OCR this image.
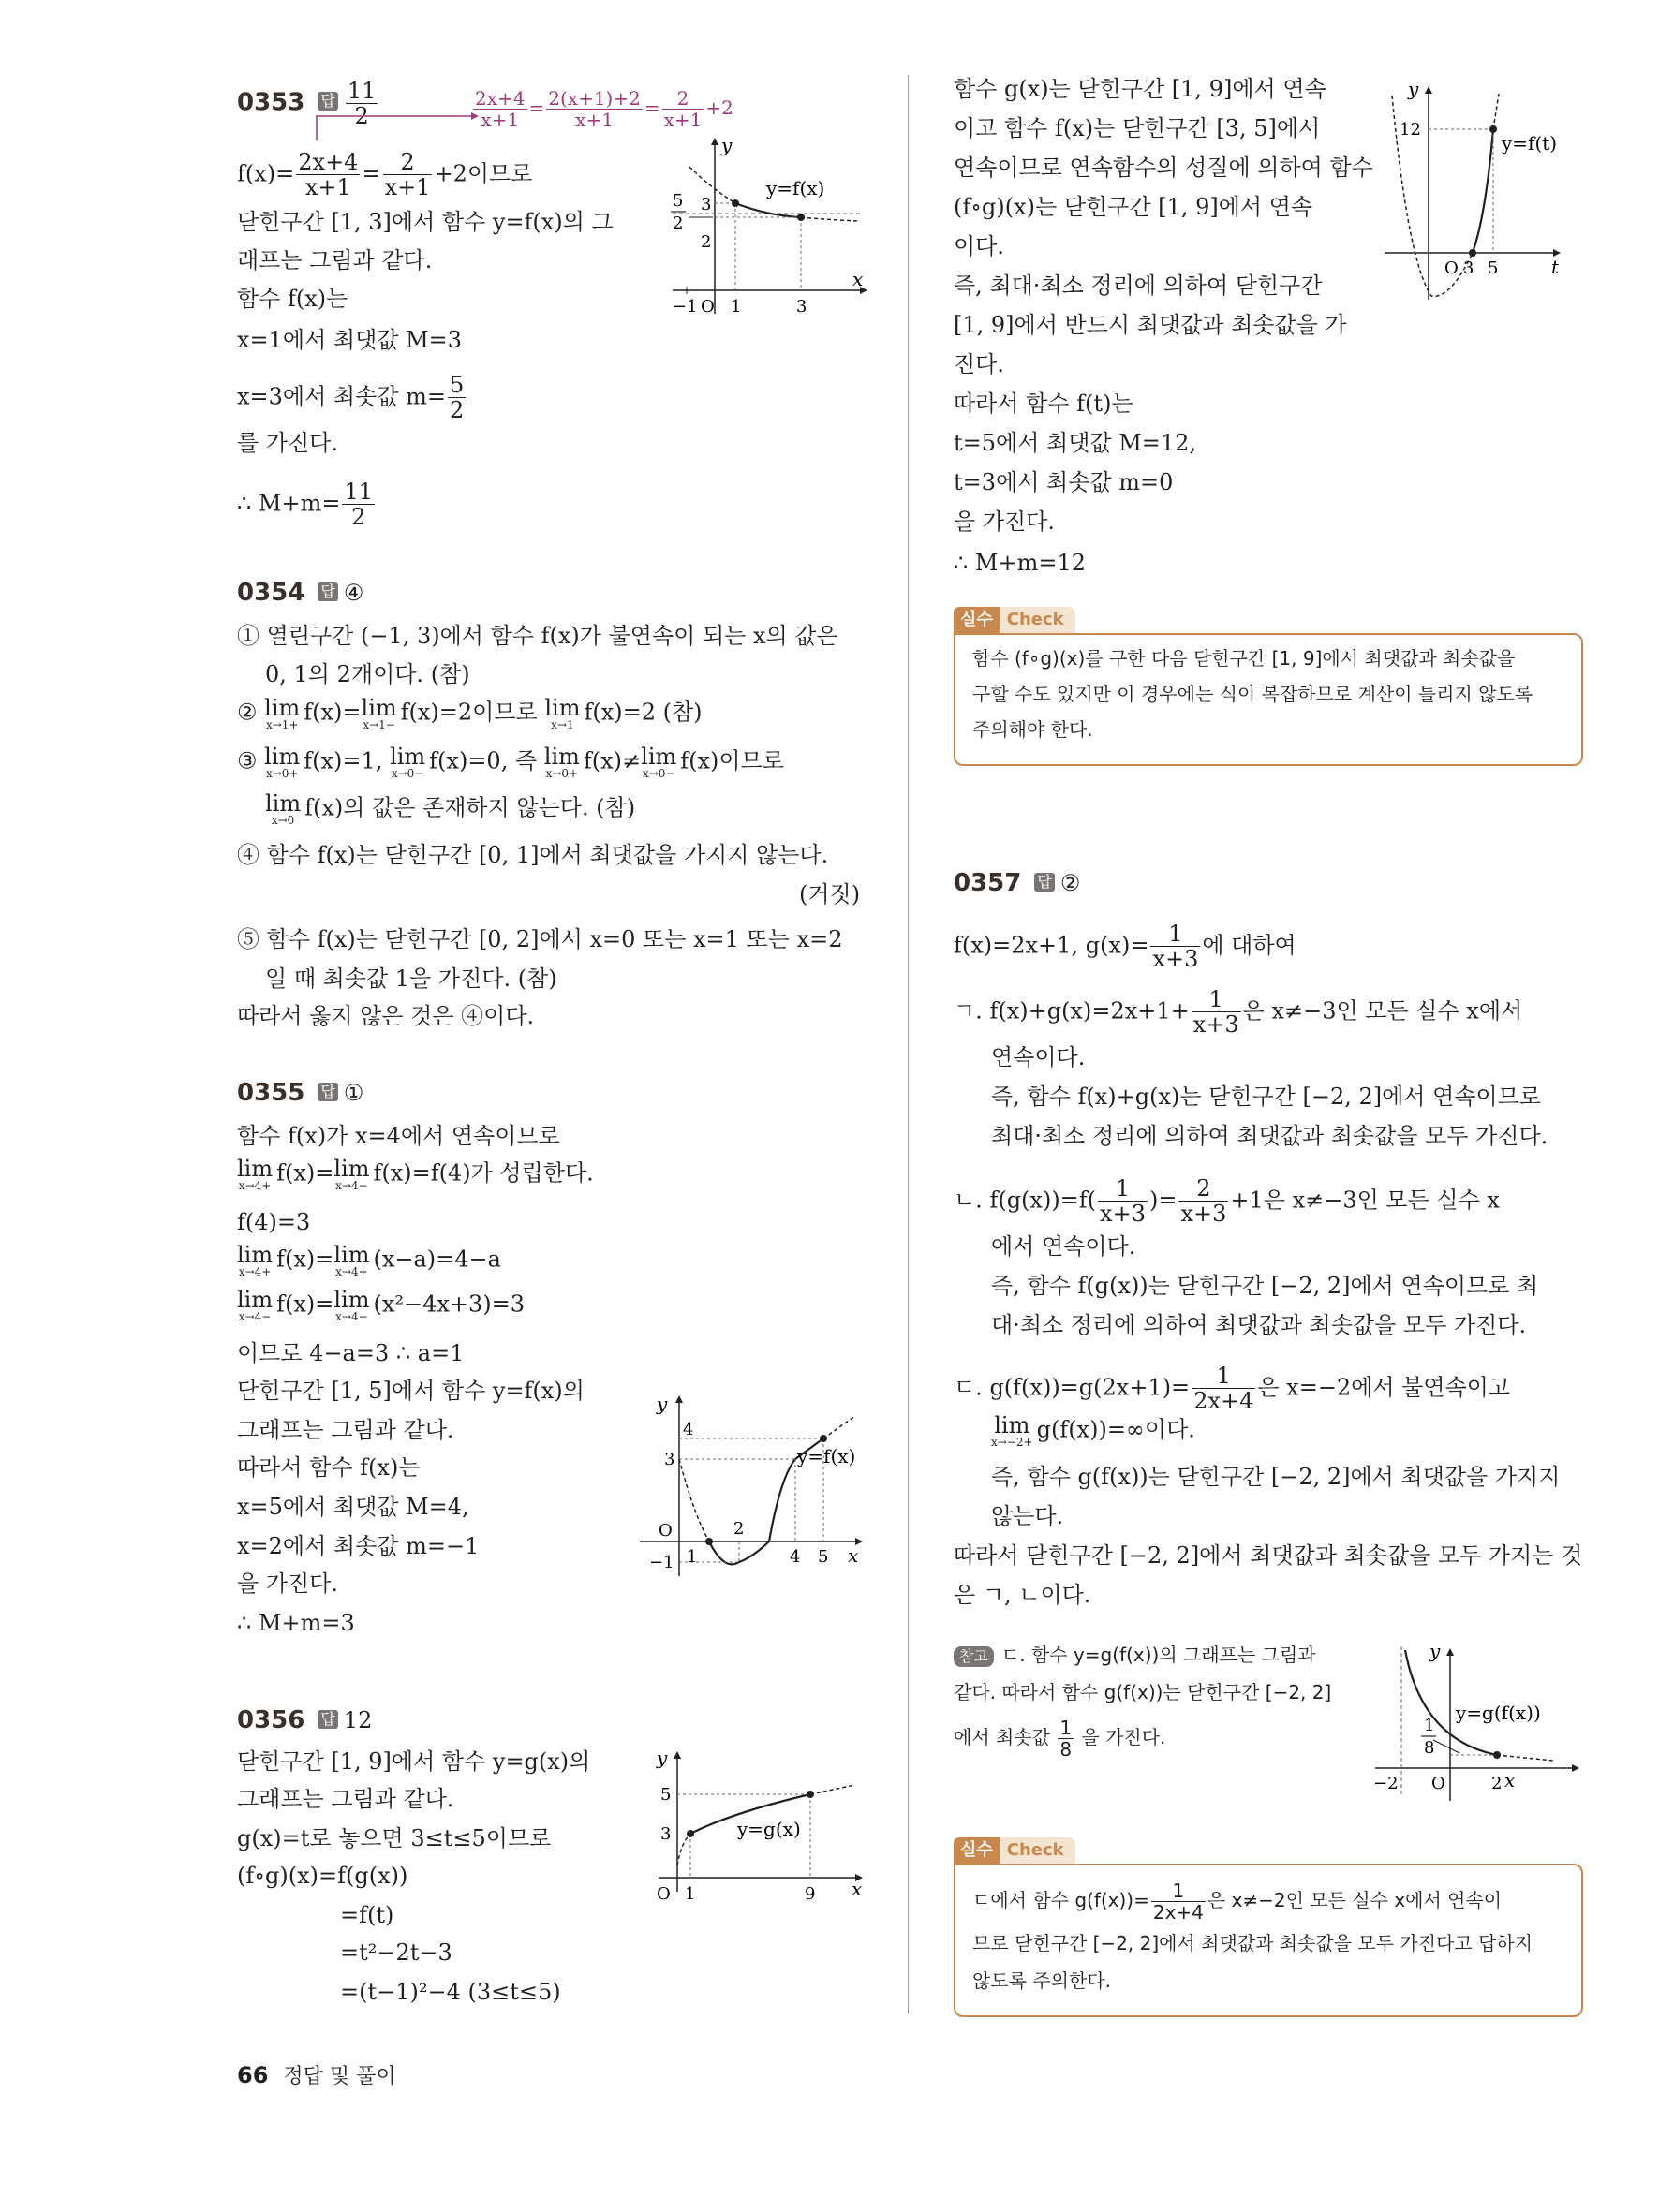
0353 답 $\frac{11}{2}$	$\frac{2x+4}{x+1} = \frac{2(x+1)+2}{x+1} = \frac{2}{x+1} +2$
$f(x)= \frac{2x+4}{x+1} = \frac{2}{x+1} +2$이므로
닫힌구간 [1, 3]에서 함수 y=f(x)의 그
래프는 그림과 같다.
함수 f(x)는
x=1에서 최댓값 M=3
x=3에서 최솟값 $m= \frac{5}{2}$
를 가진다.
∴ $M+m= \frac{11}{2}$
y
x
y=f(x)
5
2
3
2
−1 O 1	3
0354 답 ④
① 열린구간 (−1, 3)에서 함수 f(x)가 불연속이 되는 x의 값은
0, 1의 2개이다. (참)
② lim
x→1+ f(x)= lim
x→1− f(x)=2이므로 lim
x→1 f(x)=2 (참)
③ lim
x→0+ f(x)=1, lim
x→0− f(x)=0, 즉 lim
x→0+ f(x)≠ lim
x→0− f(x)이므로
lim
x→0 f(x)의 값은 존재하지 않는다. (참)
④ 함수 f(x)는 닫힌구간 [0, 1]에서 최댓값을 가지지 않는다.
(거짓)
⑤ 함수 f(x)는 닫힌구간 [0, 2]에서 x=0 또는 x=1 또는 x=2
일 때 최솟값 1을 가진다. (참)
따라서 옳지 않은 것은 ④이다.
0355 답 ①
함수 f(x)가 x=4에서 연속이므로
lim
x→4+ f(x)= lim
x→4− f(x)=f(4)가 성립한다.
f(4)=3
lim
x→4+ f(x)= lim
x→4+ (x−a)=4−a
lim
x→4− f(x)= lim
x→4− (x²−4x+3)=3
이므로 4−a=3 ∴ a=1
닫힌구간 [1, 5]에서 함수 y=f(x)의
그래프는 그림과 같다.
따라서 함수 f(x)는
x=5에서 최댓값 M=4,
x=2에서 최솟값 m=−1
을 가진다.
∴ M+m=3
y
x
y=f(x)
4
3
O
−1 1
2
4 5
0356 답 12
닫힌구간 [1, 9]에서 함수 y=g(x)의
그래프는 그림과 같다.
g(x)=t로 놓으면 3≤t≤5이므로
(f∘g)(x)=f(g(x))
=f(t)
=t²−2t−3
=(t−1)²−4 (3≤t≤5)
y
x
y=g(x)
5
3
O 1	9
함수 g(x)는 닫힌구간 [1, 9]에서 연속
이고 함수 f(x)는 닫힌구간 [3, 5]에서
연속이므로 연속함수의 성질에 의하여 함수
(f∘g)(x)는 닫힌구간 [1, 9]에서 연속
이다.
즉, 최대·최소 정리에 의하여 닫힌구간
[1, 9]에서 반드시 최댓값과 최솟값을 가
진다.
따라서 함수 f(t)는
t=5에서 최댓값 M=12,
t=3에서 최솟값 m=0
을 가진다.
∴ M+m=12
y
t
y=f(t)
12
O 3 5
실수 Check
함수 (f∘g)(x)를 구한 다음 닫힌구간 [1, 9]에서 최댓값과 최솟값을
구할 수도 있지만 이 경우에는 식이 복잡하므로 계산이 틀리지 않도록
주의해야 한다.
0357 답 ②
f(x)=2x+1, $g(x)= \frac{1}{x+3}$ 에 대하여
ㄱ. $f(x)+g(x)=2x+1+ \frac{1}{x+3}$ 은 x≠−3인 모든 실수 x에서
연속이다.
즉, 함수 f(x)+g(x)는 닫힌구간 [−2, 2]에서 연속이므로
최대·최소 정리에 의하여 최댓값과 최솟값을 모두 가진다.
ㄴ. $f(g(x))=f( \frac{1}{x+3}$ )= $\frac{2}{x+3} +1$은 x≠−3인 모든 실수 x
에서 연속이다.
즉, 함수 f(g(x))는 닫힌구간 [−2, 2]에서 연속이므로 최
대·최소 정리에 의하여 최댓값과 최솟값을 모두 가진다.
ㄷ. $g(f(x))=g(2x+1)= \frac{1}{2x+4}$ 은 x=−2에서 불연속이고
lim
x→−2+ g(f(x))=∞이다.
즉, 함수 g(f(x))는 닫힌구간 [−2, 2]에서 최댓값을 가지지
않는다.
따라서 닫힌구간 [−2, 2]에서 최댓값과 최솟값을 모두 가지는 것
은 ㄱ, ㄴ이다.
참고 ㄷ. 함수 y=g(f(x))의 그래프는 그림과
같다. 따라서 함수 g(f(x))는 닫힌구간 [−2, 2]
에서 최솟값 $\frac{1}{8}$ 을 가진다.
y
x
y=g(f(x))
1
8
−2 O	2
실수 Check
ㄷ에서 함수 $g(f(x))= \frac{1}{2x+4}$ 은 x≠−2인 모든 실수 x에서 연속이
므로 닫힌구간 [−2, 2]에서 최댓값과 최솟값을 모두 가진다고 답하지
않도록 주의한다.
66 정답 및 풀이
